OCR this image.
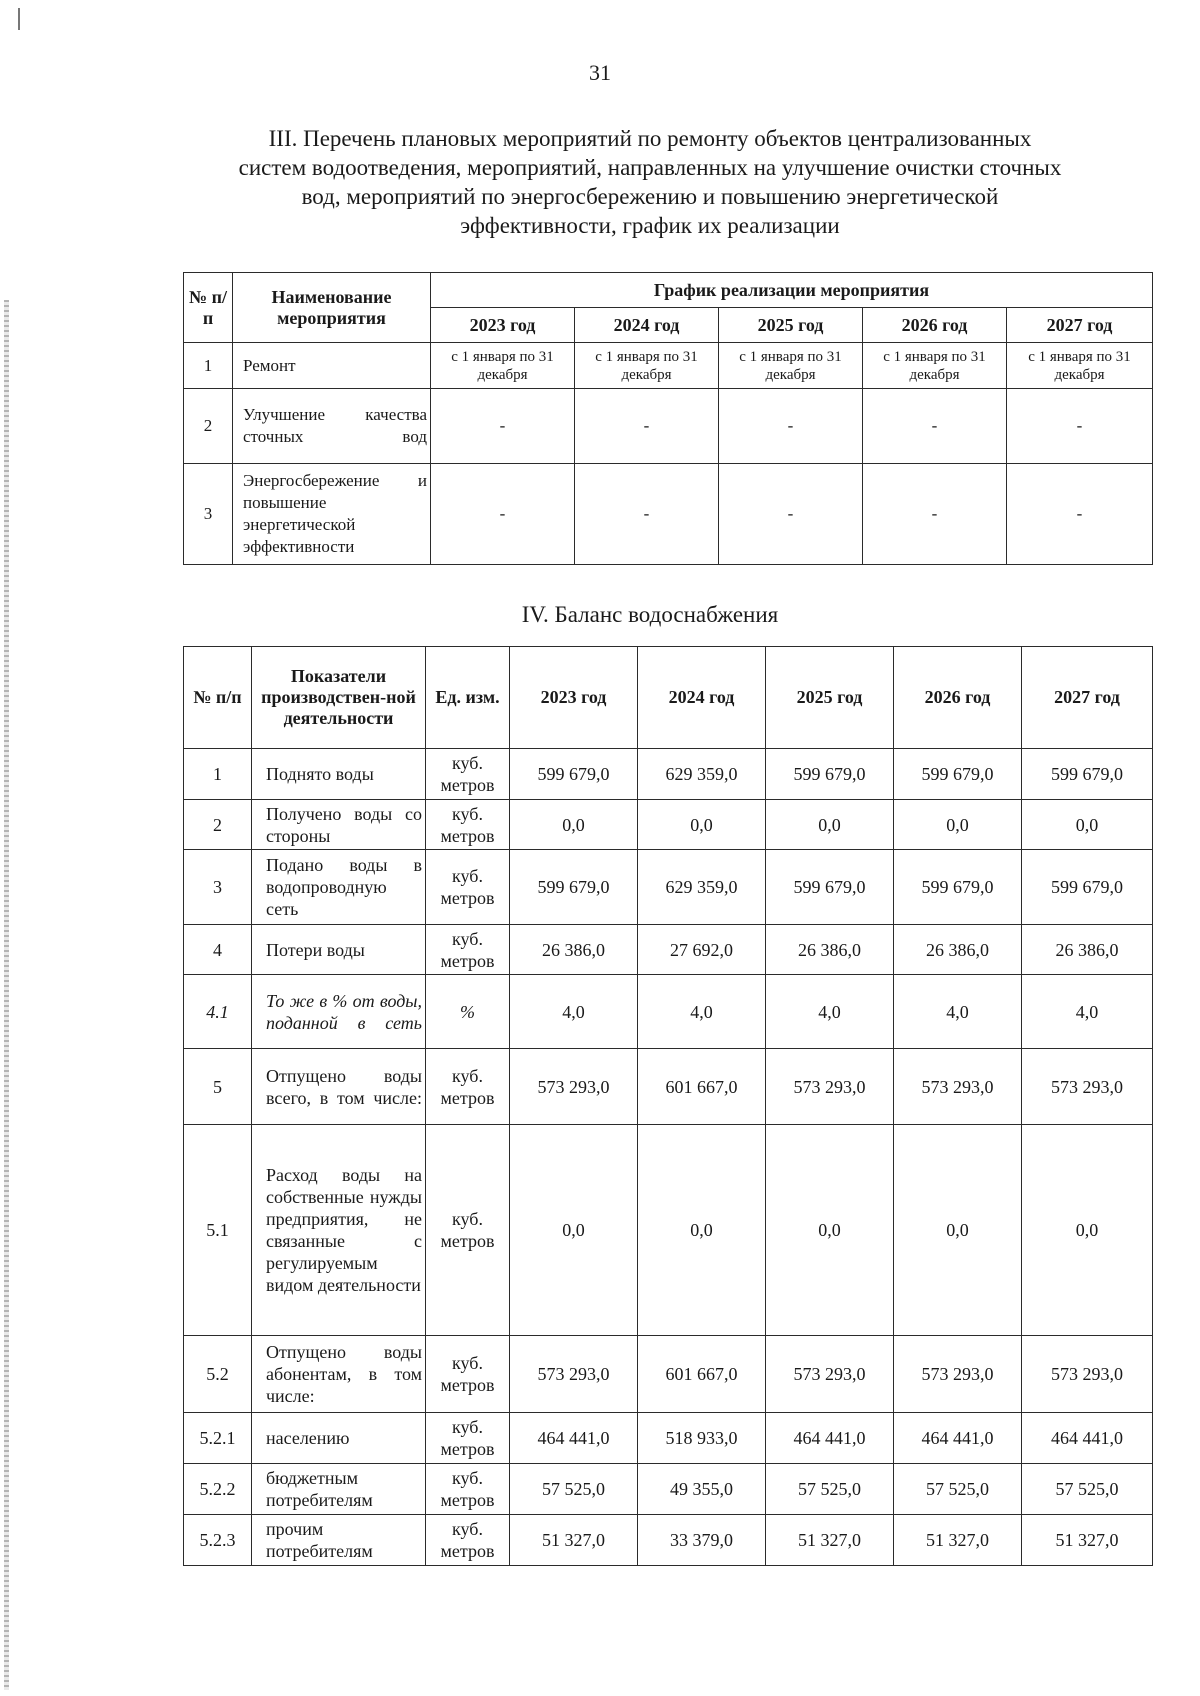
31
III. Перечень плановых мероприятий по ремонту объектов централизованных
систем водоотведения, мероприятий, направленных на улучшение очистки сточных
вод, мероприятий по энергосбережению и повышению энергетической
эффективности, график их реализации
№ п/п	Наименование мероприятия	График реализации мероприятия				
		2023 год	2024 год	2025 год	2026 год	2027 год
1	Ремонт	с 1 января по 31 декабря	с 1 января по 31 декабря	с 1 января по 31 декабря	с 1 января по 31 декабря	с 1 января по 31 декабря
2	Улучшение качества сточных вод	-	-	-	-	-
3	Энергосбережение и повышение энергетической эффективности	-	-	-	-	-
IV. Баланс водоснабжения
№ п/п	Показатели производствен-ной деятельности	Ед. изм.	2023 год	2024 год	2025 год	2026 год	2027 год
1	Поднято воды	куб. метров	599 679,0	629 359,0	599 679,0	599 679,0	599 679,0
2	Получено воды со стороны	куб. метров	0,0	0,0	0,0	0,0	0,0
3	Подано воды в водопроводную сеть	куб. метров	599 679,0	629 359,0	599 679,0	599 679,0	599 679,0
4	Потери воды	куб. метров	26 386,0	27 692,0	26 386,0	26 386,0	26 386,0
4.1	То же в % от воды, поданной в сеть	%	4,0	4,0	4,0	4,0	4,0
5	Отпущено воды всего, в том числе:	куб. метров	573 293,0	601 667,0	573 293,0	573 293,0	573 293,0
5.1	Расход воды на собственные нужды предприятия, не связанные с регулируемым видом деятельности	куб. метров	0,0	0,0	0,0	0,0	0,0
5.2	Отпущено воды абонентам, в том числе:	куб. метров	573 293,0	601 667,0	573 293,0	573 293,0	573 293,0
5.2.1	населению	куб. метров	464 441,0	518 933,0	464 441,0	464 441,0	464 441,0
5.2.2	бюджетным потребителям	куб. метров	57 525,0	49 355,0	57 525,0	57 525,0	57 525,0
5.2.3	прочим потребителям	куб. метров	51 327,0	33 379,0	51 327,0	51 327,0	51 327,0
